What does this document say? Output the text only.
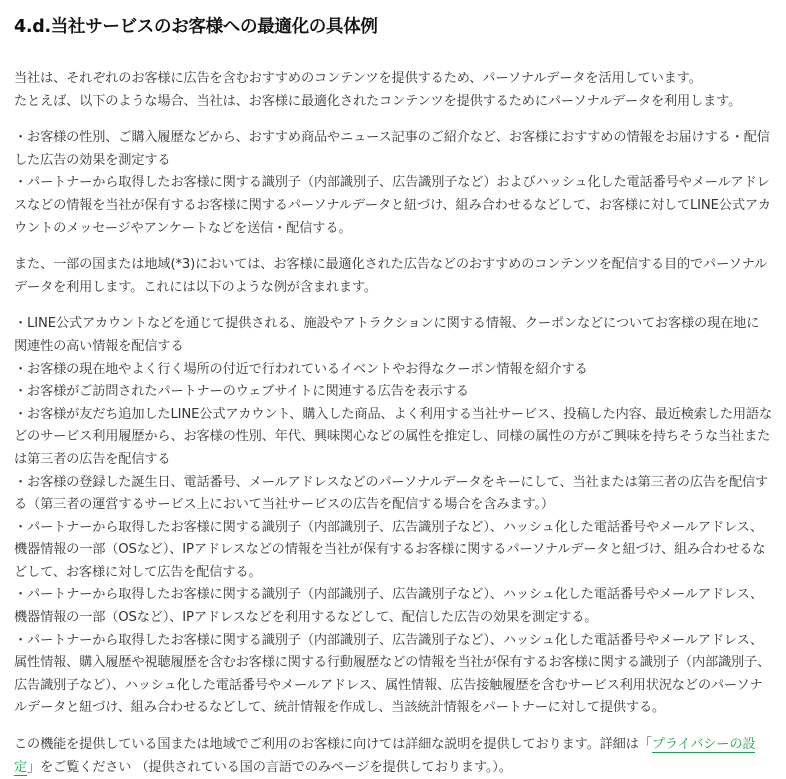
4.d.当社サービスのお客様への最適化の具体例

当社は、それぞれのお客様に広告を含むおすすめのコンテンツを提供するため、パーソナルデータを活用しています。
たとえば、以下のような場合、当社は、お客様に最適化されたコンテンツを提供するためにパーソナルデータを利用します。

・お客様の性別、ご購入履歴などから、おすすめ商品やニュース記事のご紹介など、お客様におすすめの情報をお届けする・配信した広告の効果を測定する
・パートナーから取得したお客様に関する識別子（内部識別子、広告識別子など）およびハッシュ化した電話番号やメールアドレスなどの情報を当社が保有するお客様に関するパーソナルデータと紐づけ、組み合わせるなどして、お客様に対してLINE公式アカウントのメッセージやアンケートなどを送信・配信する。

また、一部の国または地域(*3)においては、お客様に最適化された広告などのおすすめのコンテンツを配信する目的でパーソナルデータを利用します。これには以下のような例が含まれます。

・LINE公式アカウントなどを通じて提供される、施設やアトラクションに関する情報、クーポンなどについてお客様の現在地に関連性の高い情報を配信する
・お客様の現在地やよく行く場所の付近で行われているイベントやお得なクーポン情報を紹介する
・お客様がご訪問されたパートナーのウェブサイトに関連する広告を表示する
・お客様が友だち追加したLINE公式アカウント、購入した商品、よく利用する当社サービス、投稿した内容、最近検索した用語などのサービス利用履歴から、お客様の性別、年代、興味関心などの属性を推定し、同様の属性の方がご興味を持ちそうな当社または第三者の広告を配信する
・お客様の登録した誕生日、電話番号、メールアドレスなどのパーソナルデータをキーにして、当社または第三者の広告を配信する（第三者の運営するサービス上において当社サービスの広告を配信する場合を含みます。）
・パートナーから取得したお客様に関する識別子（内部識別子、広告識別子など）、ハッシュ化した電話番号やメールアドレス、機器情報の一部（OSなど）、IPアドレスなどの情報を当社が保有するお客様に関するパーソナルデータと紐づけ、組み合わせるなどして、お客様に対して広告を配信する。
・パートナーから取得したお客様に関する識別子（内部識別子、広告識別子など）、ハッシュ化した電話番号やメールアドレス、機器情報の一部（OSなど）、IPアドレスなどを利用するなどして、配信した広告の効果を測定する。
・パートナーから取得したお客様に関する識別子（内部識別子、広告識別子など）、ハッシュ化した電話番号やメールアドレス、属性情報、購入履歴や視聴履歴を含むお客様に関する行動履歴などの情報を当社が保有するお客様に関する識別子（内部識別子、広告識別子など）、ハッシュ化した電話番号やメールアドレス、属性情報、広告接触履歴を含むサービス利用状況などのパーソナルデータと紐づけ、組み合わせるなどして、統計情報を作成し、当該統計情報をパートナーに対して提供する。

この機能を提供している国または地域でご利用のお客様に向けては詳細な説明を提供しております。詳細は「プライバシーの設定」をご覧ください （提供されている国の言語でのみページを提供しております。）。
